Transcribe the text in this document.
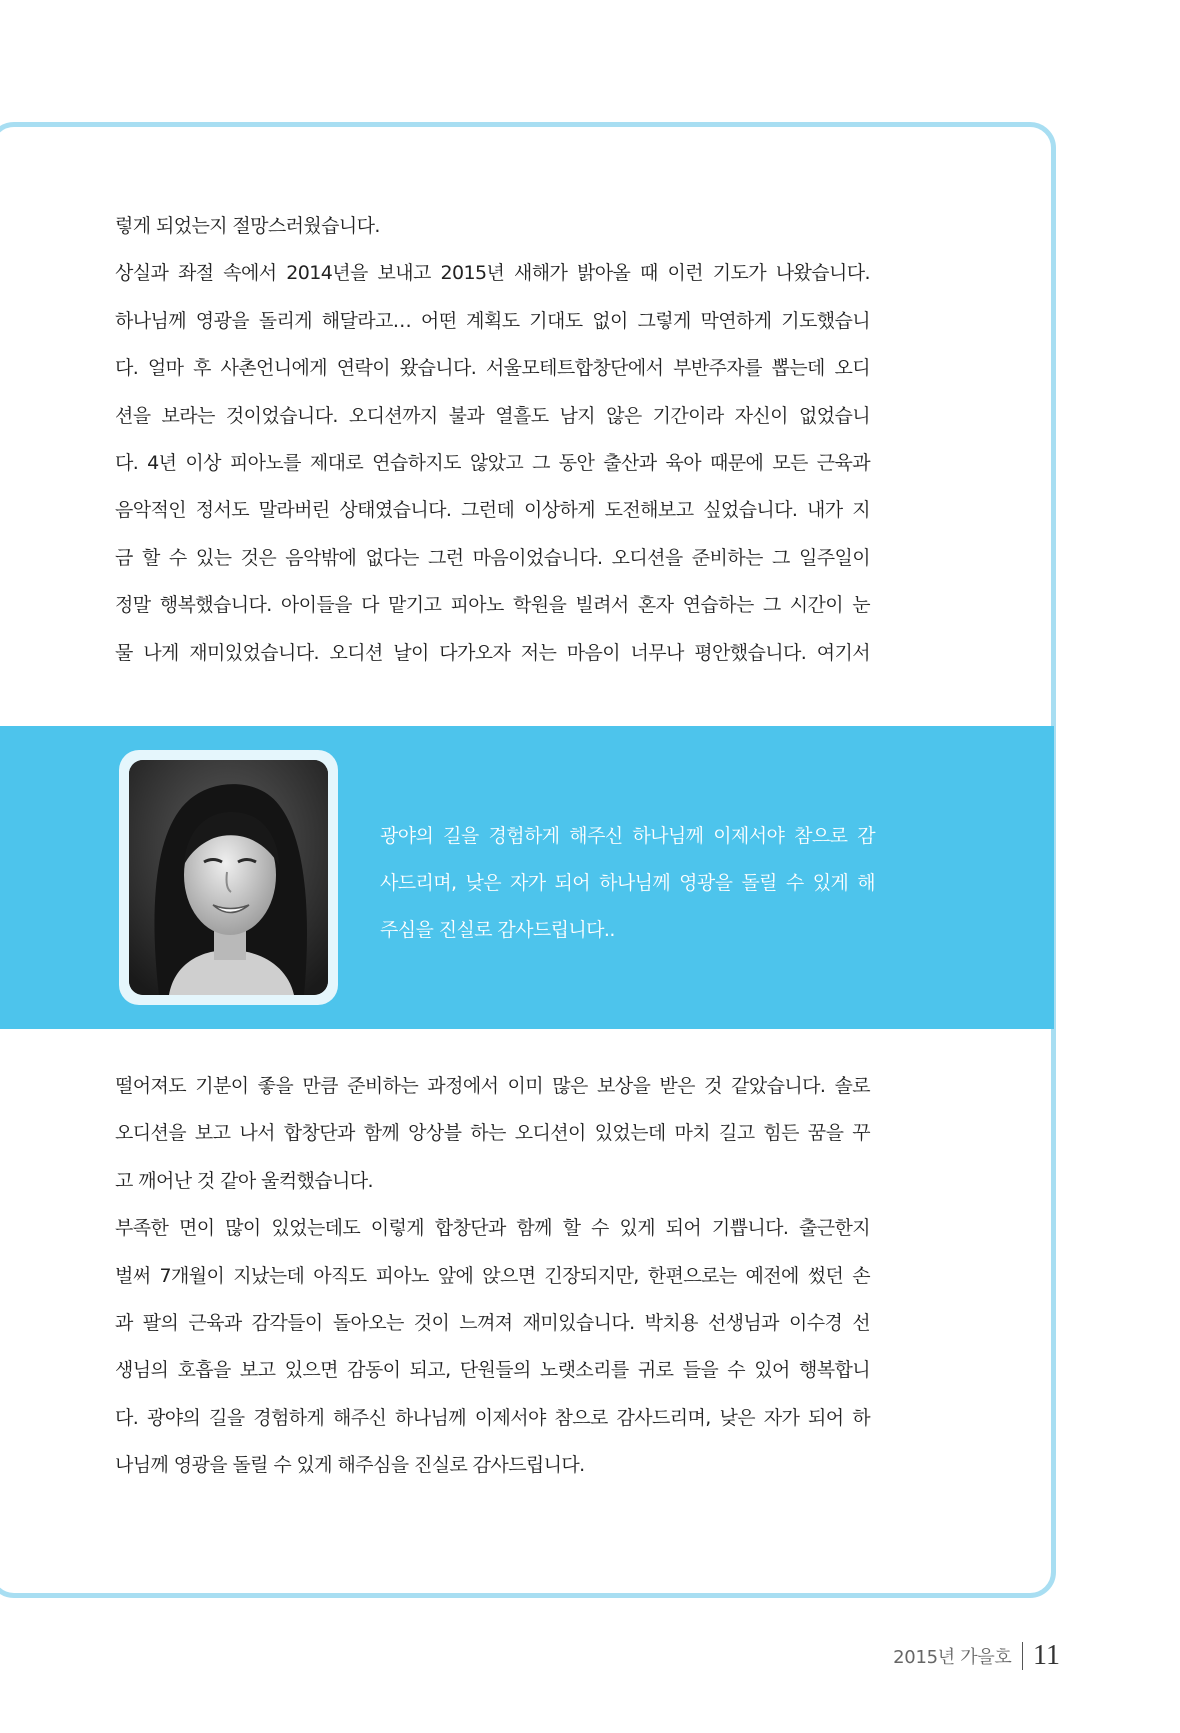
렇게 되었는지 절망스러웠습니다.

상실과 좌절 속에서 2014년을 보내고 2015년 새해가 밝아올 때 이런 기도가 나왔습니다.

하나님께 영광을 돌리게 해달라고… 어떤 계획도 기대도 없이 그렇게 막연하게 기도했습니

다. 얼마 후 사촌언니에게 연락이 왔습니다. 서울모테트합창단에서 부반주자를 뽑는데 오디

션을 보라는 것이었습니다. 오디션까지 불과 열흘도 남지 않은 기간이라 자신이 없었습니

다. 4년 이상 피아노를 제대로 연습하지도 않았고 그 동안 출산과 육아 때문에 모든 근육과

음악적인 정서도 말라버린 상태였습니다. 그런데 이상하게 도전해보고 싶었습니다. 내가 지

금 할 수 있는 것은 음악밖에 없다는 그런 마음이었습니다. 오디션을 준비하는 그 일주일이

정말 행복했습니다. 아이들을 다 맡기고 피아노 학원을 빌려서 혼자 연습하는 그 시간이 눈

물 나게 재미있었습니다. 오디션 날이 다가오자 저는 마음이 너무나 평안했습니다. 여기서

광야의 길을 경험하게 해주신 하나님께 이제서야 참으로 감

사드리며, 낮은 자가 되어 하나님께 영광을 돌릴 수 있게 해

주심을 진실로 감사드립니다..

떨어져도 기분이 좋을 만큼 준비하는 과정에서 이미 많은 보상을 받은 것 같았습니다. 솔로

오디션을 보고 나서 합창단과 함께 앙상블 하는 오디션이 있었는데 마치 길고 힘든 꿈을 꾸

고 깨어난 것 같아 울컥했습니다.

부족한 면이 많이 있었는데도 이렇게 합창단과 함께 할 수 있게 되어 기쁩니다. 출근한지

벌써 7개월이 지났는데 아직도 피아노 앞에 앉으면 긴장되지만, 한편으로는 예전에 썼던 손

과 팔의 근육과 감각들이 돌아오는 것이 느껴져 재미있습니다. 박치용 선생님과 이수경 선

생님의 호흡을 보고 있으면 감동이 되고, 단원들의 노랫소리를 귀로 들을 수 있어 행복합니

다. 광야의 길을 경험하게 해주신 하나님께 이제서야 참으로 감사드리며, 낮은 자가 되어 하

나님께 영광을 돌릴 수 있게 해주심을 진실로 감사드립니다.

2015년 가을호 11
